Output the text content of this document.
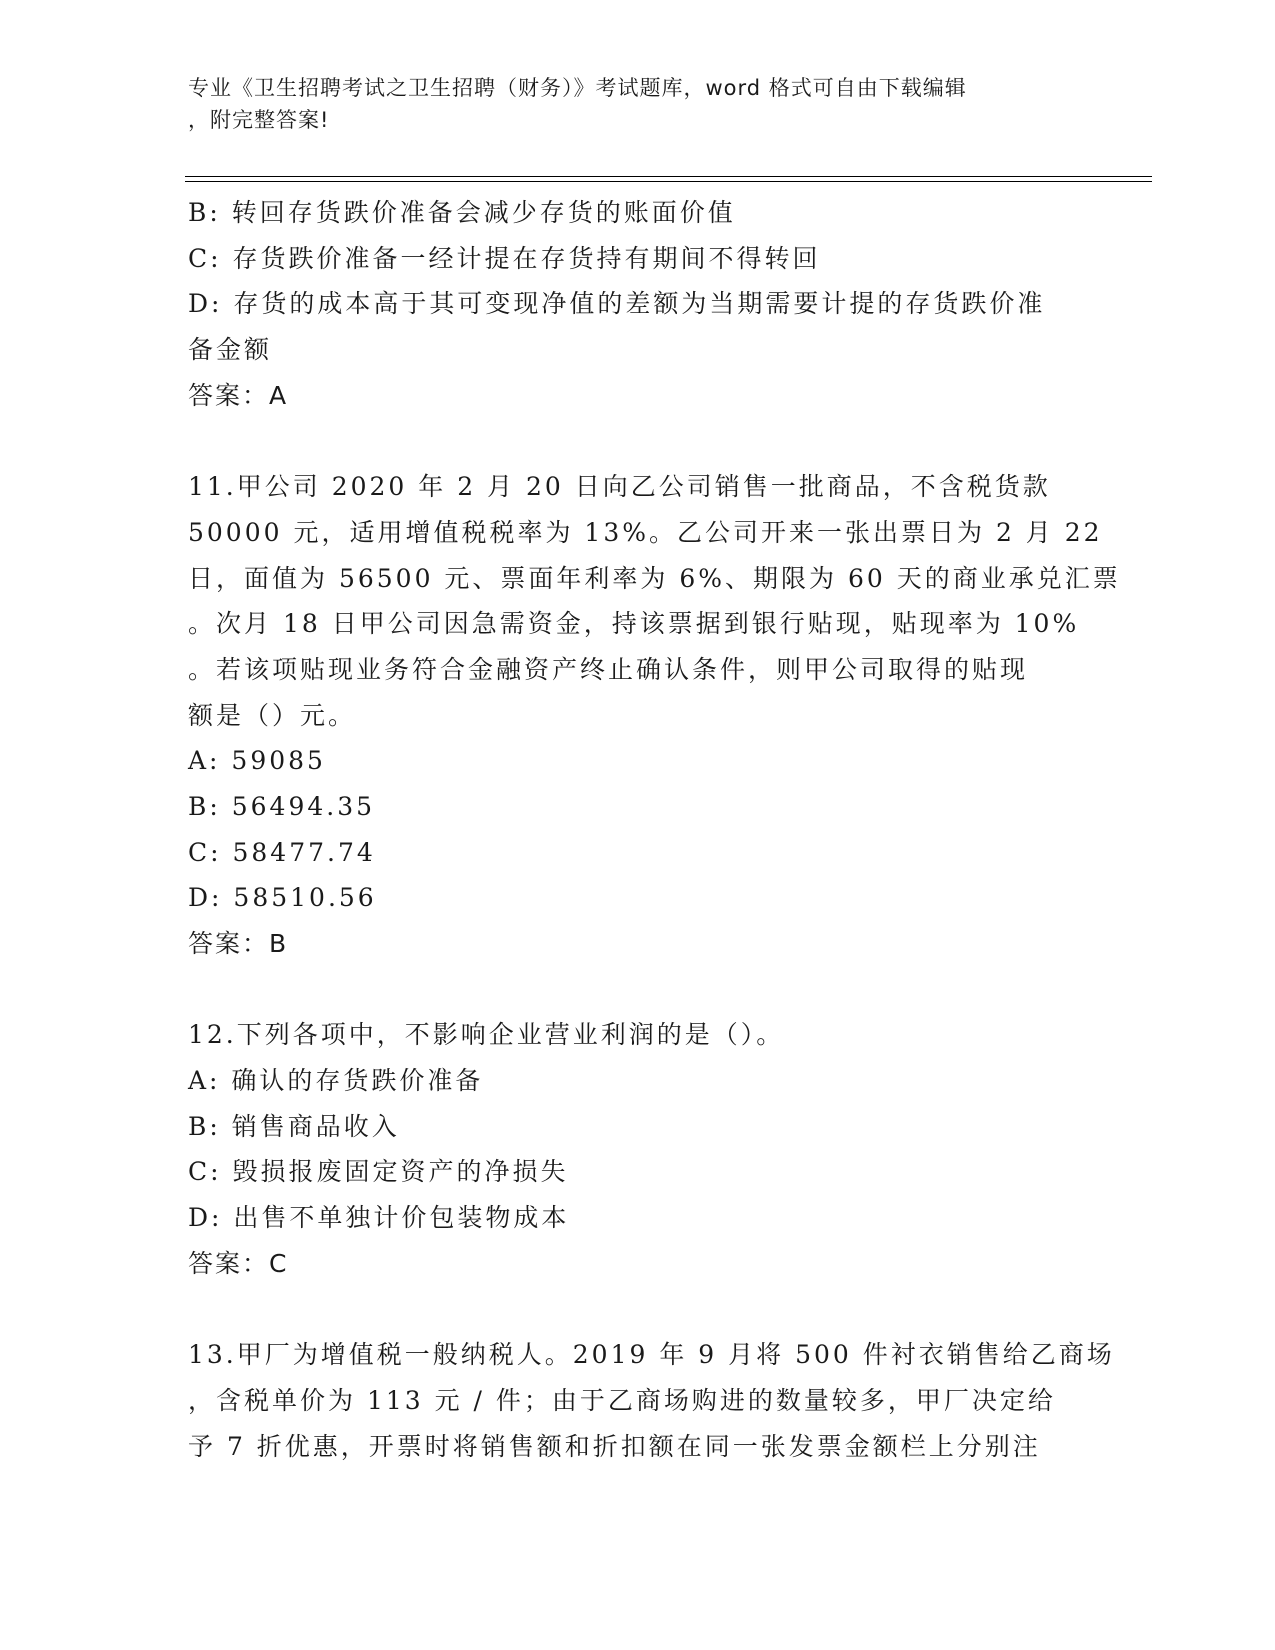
专业《卫生招聘考试之卫生招聘（财务）》考试题库，word 格式可自由下载编辑
，附完整答案!
B: 转回存货跌价准备会减少存货的账面价值
C: 存货跌价准备一经计提在存货持有期间不得转回
D: 存货的成本高于其可变现净值的差额为当期需要计提的存货跌价准
备金额
答案：A
11.甲公司 2020 年 2 月 20 日向乙公司销售一批商品，不含税货款
50000 元，适用增值税税率为 13%。乙公司开来一张出票日为 2 月 22
日，面值为 56500 元、票面年利率为 6%、期限为 60 天的商业承兑汇票
。次月 18 日甲公司因急需资金，持该票据到银行贴现，贴现率为 10%
。若该项贴现业务符合金融资产终止确认条件，则甲公司取得的贴现
额是（）元。
A: 59085
B: 56494.35
C: 58477.74
D: 58510.56
答案：B
12.下列各项中，不影响企业营业利润的是（）。
A: 确认的存货跌价准备
B: 销售商品收入
C: 毁损报废固定资产的净损失
D: 出售不单独计价包装物成本
答案：C
13.甲厂为增值税一般纳税人。2019 年 9 月将 500 件衬衣销售给乙商场
，含税单价为 113 元 / 件；由于乙商场购进的数量较多，甲厂决定给
予 7 折优惠，开票时将销售额和折扣额在同一张发票金额栏上分别注
